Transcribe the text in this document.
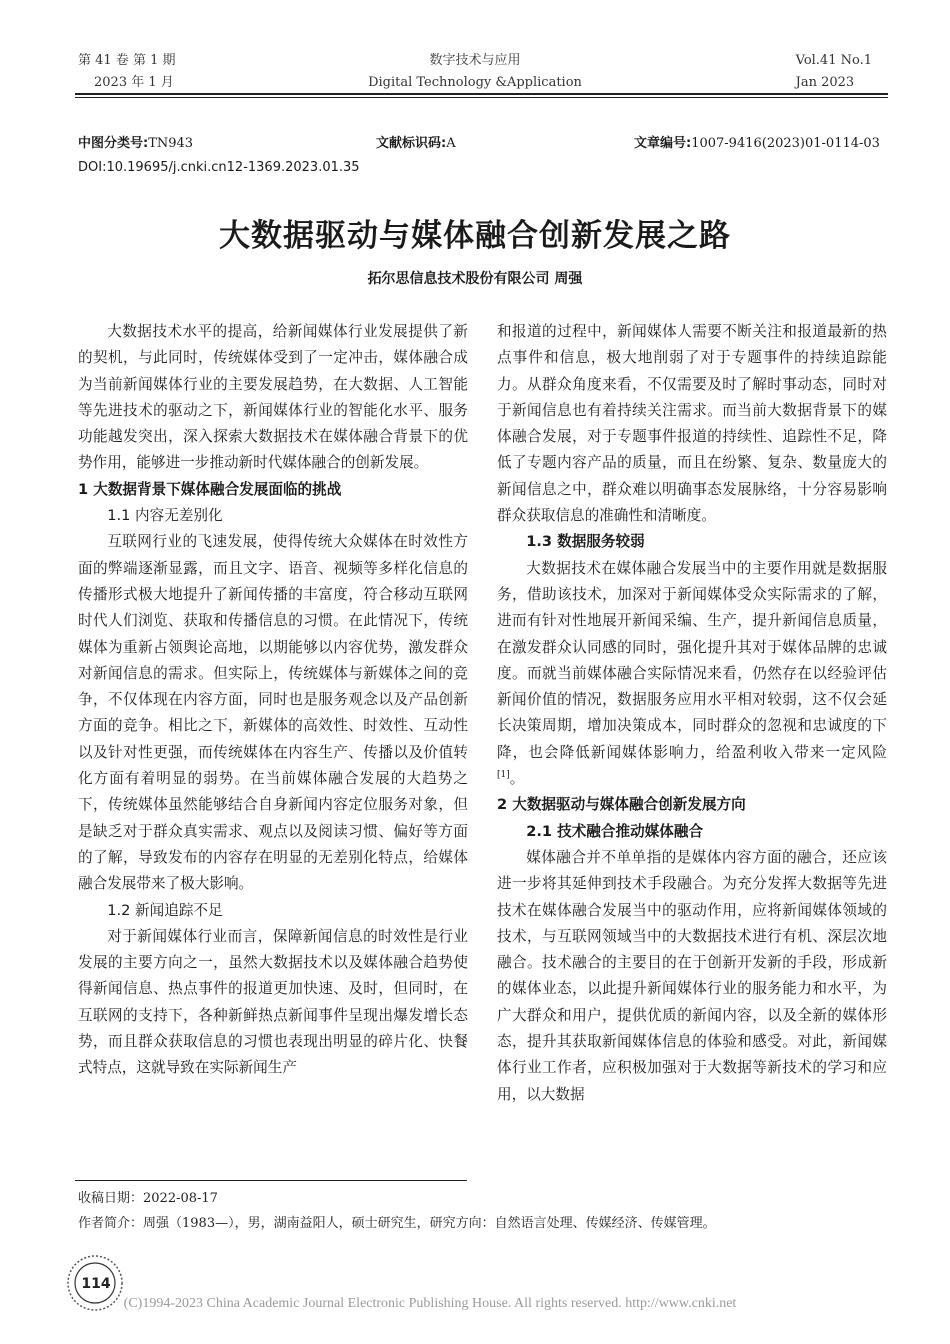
第 41 卷 第 1 期
2023 年 1 月
数字技术与应用
Digital Technology &Application
Vol.41 No.1
Jan 2023
中图分类号:TN943	文献标识码:A	文章编号:1007-9416(2023)01-0114-03
DOI:10.19695/j.cnki.cn12-1369.2023.01.35
大数据驱动与媒体融合创新发展之路
拓尔思信息技术股份有限公司 周强

大数据技术水平的提高，给新闻媒体行业发展提供了新的契机，与此同时，传统媒体受到了一定冲击，媒体融合成为当前新闻媒体行业的主要发展趋势，在大数据、人工智能等先进技术的驱动之下，新闻媒体行业的智能化水平、服务功能越发突出，深入探索大数据技术在媒体融合背景下的优势作用，能够进一步推动新时代媒体融合的创新发展。

1 大数据背景下媒体融合发展面临的挑战
1.1 内容无差别化

互联网行业的飞速发展，使得传统大众媒体在时效性方面的弊端逐渐显露，而且文字、语音、视频等多样化信息的传播形式极大地提升了新闻传播的丰富度，符合移动互联网时代人们浏览、获取和传播信息的习惯。在此情况下，传统媒体为重新占领舆论高地，以期能够以内容优势，激发群众对新闻信息的需求。但实际上，传统媒体与新媒体之间的竞争，不仅体现在内容方面，同时也是服务观念以及产品创新方面的竞争。相比之下，新媒体的高效性、时效性、互动性以及针对性更强，而传统媒体在内容生产、传播以及价值转化方面有着明显的弱势。在当前媒体融合发展的大趋势之下，传统媒体虽然能够结合自身新闻内容定位服务对象，但是缺乏对于群众真实需求、观点以及阅读习惯、偏好等方面的了解，导致发布的内容存在明显的无差别化特点，给媒体融合发展带来了极大影响。

1.2 新闻追踪不足

对于新闻媒体行业而言，保障新闻信息的时效性是行业发展的主要方向之一，虽然大数据技术以及媒体融合趋势使得新闻信息、热点事件的报道更加快速、及时，但同时，在互联网的支持下，各种新鲜热点新闻事件呈现出爆发增长态势，而且群众获取信息的习惯也表现出明显的碎片化、快餐式特点，这就导致在实际新闻生产

和报道的过程中，新闻媒体人需要不断关注和报道最新的热点事件和信息，极大地削弱了对于专题事件的持续追踪能力。从群众角度来看，不仅需要及时了解时事动态，同时对于新闻信息也有着持续关注需求。而当前大数据背景下的媒体融合发展，对于专题事件报道的持续性、追踪性不足，降低了专题内容产品的质量，而且在纷繁、复杂、数量庞大的新闻信息之中，群众难以明确事态发展脉络，十分容易影响群众获取信息的准确性和清晰度。

1.3 数据服务较弱

大数据技术在媒体融合发展当中的主要作用就是数据服务，借助该技术，加深对于新闻媒体受众实际需求的了解，进而有针对性地展开新闻采编、生产，提升新闻信息质量，在激发群众认同感的同时，强化提升其对于媒体品牌的忠诚度。而就当前媒体融合实际情况来看，仍然存在以经验评估新闻价值的情况，数据服务应用水平相对较弱，这不仅会延长决策周期，增加决策成本，同时群众的忽视和忠诚度的下降，也会降低新闻媒体影响力，给盈利收入带来一定风险[1]。

2 大数据驱动与媒体融合创新发展方向
2.1 技术融合推动媒体融合

媒体融合并不单单指的是媒体内容方面的融合，还应该进一步将其延伸到技术手段融合。为充分发挥大数据等先进技术在媒体融合发展当中的驱动作用，应将新闻媒体领域的技术，与互联网领域当中的大数据技术进行有机、深层次地融合。技术融合的主要目的在于创新开发新的手段，形成新的媒体业态，以此提升新闻媒体行业的服务能力和水平，为广大群众和用户，提供优质的新闻内容，以及全新的媒体形态，提升其获取新闻媒体信息的体验和感受。对此，新闻媒体行业工作者，应积极加强对于大数据等新技术的学习和应用，以大数据

收稿日期：2022-08-17
作者简介：周强（1983—），男，湖南益阳人，硕士研究生，研究方向：自然语言处理、传媒经济、传媒管理。
114
(C)1994-2023 China Academic Journal Electronic Publishing House. All rights reserved. http://www.cnki.net
